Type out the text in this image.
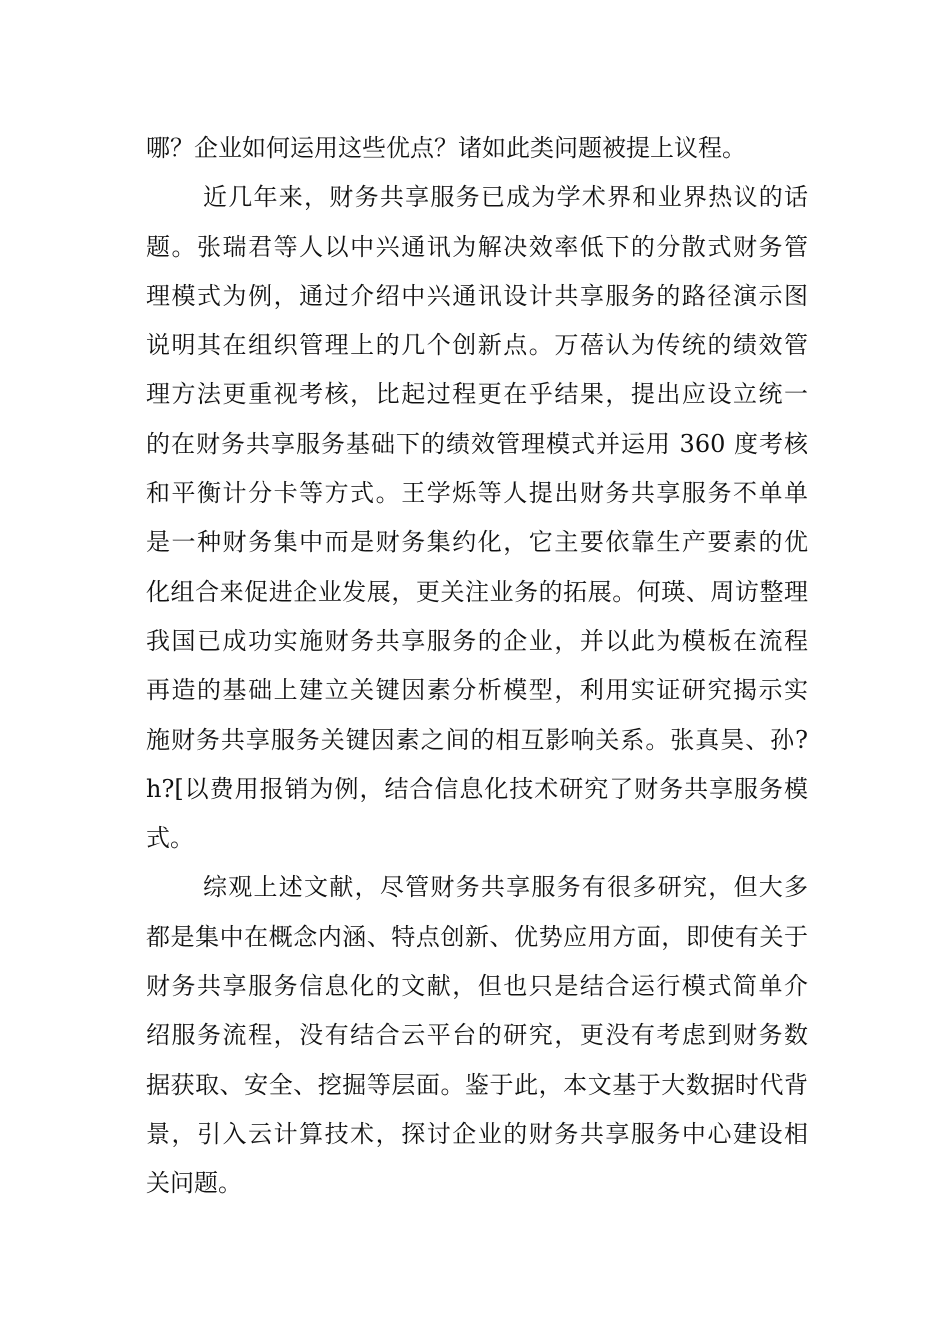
哪？企业如何运用这些优点？诸如此类问题被提上议程。
近几年来，财务共享服务已成为学术界和业界热议的话
题。张瑞君等人以中兴通讯为解决效率低下的分散式财务管
理模式为例，通过介绍中兴通讯设计共享服务的路径演示图
说明其在组织管理上的几个创新点。万蓓认为传统的绩效管
理方法更重视考核，比起过程更在乎结果，提出应设立统一
的在财务共享服务基础下的绩效管理模式并运用 360 度考核
和平衡计分卡等方式。王学烁等人提出财务共享服务不单单
是一种财务集中而是财务集约化，它主要依靠生产要素的优
化组合来促进企业发展，更关注业务的拓展。何瑛、周访整理
我国已成功实施财务共享服务的企业，并以此为模板在流程
再造的基础上建立关键因素分析模型，利用实证研究揭示实
施财务共享服务关键因素之间的相互影响关系。张真昊、孙?
h?[以费用报销为例，结合信息化技术研究了财务共享服务模
式。
综观上述文献，尽管财务共享服务有很多研究，但大多
都是集中在概念内涵、特点创新、优势应用方面，即使有关于
财务共享服务信息化的文献，但也只是结合运行模式简单介
绍服务流程，没有结合云平台的研究，更没有考虑到财务数
据获取、安全、挖掘等层面。鉴于此，本文基于大数据时代背
景，引入云计算技术，探讨企业的财务共享服务中心建设相
关问题。
